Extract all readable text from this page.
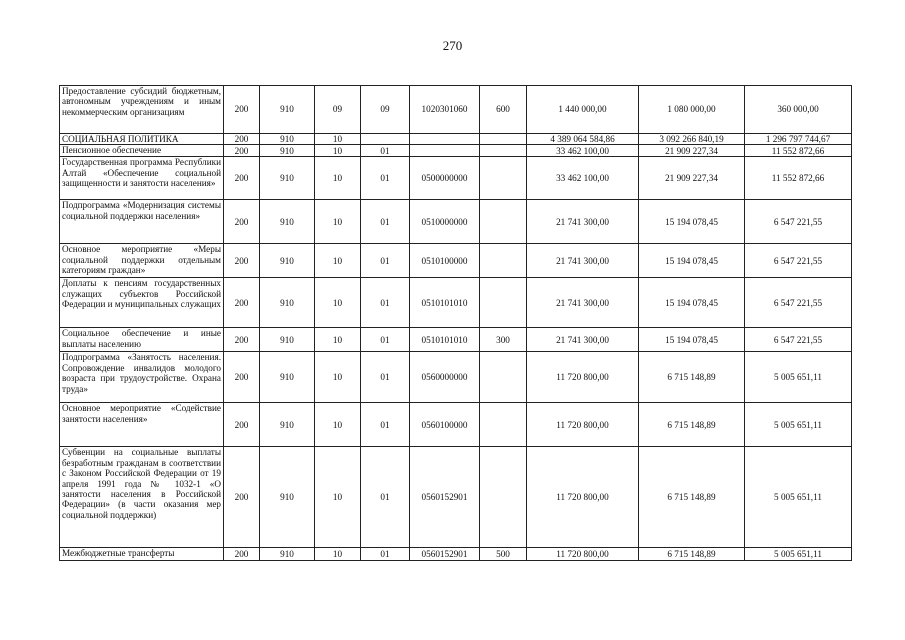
270
Предоставление субсидий бюджетным, автономным учреждениям и иным некоммерческим организациям	200	910	09	09	1020301060	600	1 440 000,00	1 080 000,00	360 000,00
СОЦИАЛЬНАЯ ПОЛИТИКА	200	910	10				4 389 064 584,86	3 092 266 840,19	1 296 797 744,67
Пенсионное обеспечение	200	910	10	01			33 462 100,00	21 909 227,34	11 552 872,66
Государственная программа Республики Алтай «Обеспечение социальной защищенности и занятости населения»	200	910	10	01	0500000000		33 462 100,00	21 909 227,34	11 552 872,66
Подпрограмма «Модернизация системы социальной поддержки населения»	200	910	10	01	0510000000		21 741 300,00	15 194 078,45	6 547 221,55
Основное мероприятие «Меры социальной поддержки отдельным категориям граждан»	200	910	10	01	0510100000		21 741 300,00	15 194 078,45	6 547 221,55
Доплаты к пенсиям государственных служащих субъектов Российской Федерации и муниципальных служащих	200	910	10	01	0510101010		21 741 300,00	15 194 078,45	6 547 221,55
Социальное обеспечение и иные выплаты населению	200	910	10	01	0510101010	300	21 741 300,00	15 194 078,45	6 547 221,55
Подпрограмма «Занятость населения. Сопровождение инвалидов молодого возраста при трудоустройстве. Охрана труда»	200	910	10	01	0560000000		11 720 800,00	6 715 148,89	5 005 651,11
Основное мероприятие «Содействие занятости населения»	200	910	10	01	0560100000		11 720 800,00	6 715 148,89	5 005 651,11
Субвенции на социальные выплаты безработным гражданам в соответствии с Законом Российской Федерации от 19 апреля 1991 года № 1032-1 «О занятости населения в Российской Федерации» (в части оказания мер социальной поддержки)	200	910	10	01	0560152901		11 720 800,00	6 715 148,89	5 005 651,11
Межбюджетные трансферты	200	910	10	01	0560152901	500	11 720 800,00	6 715 148,89	5 005 651,11
